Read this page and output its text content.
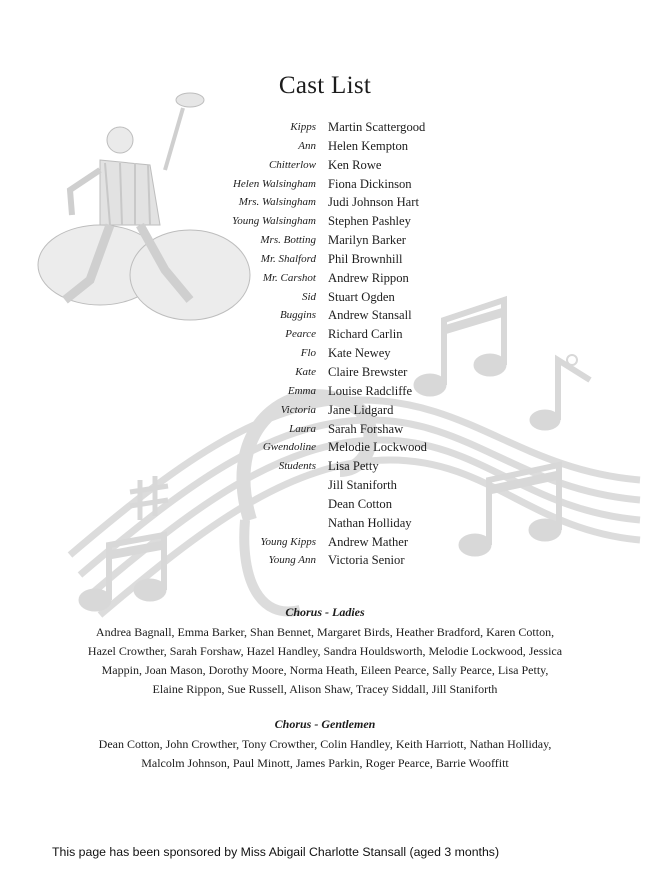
Cast List
Kipps Martin Scattergood
Ann Helen Kempton
Chitterlow Ken Rowe
Helen Walsingham Fiona Dickinson
Mrs. Walsingham Judi Johnson Hart
Young Walsingham Stephen Pashley
Mrs. Botting Marilyn Barker
Mr. Shalford Phil Brownhill
Mr. Carshot Andrew Rippon
Sid Stuart Ogden
Buggins Andrew Stansall
Pearce Richard Carlin
Flo Kate Newey
Kate Claire Brewster
Emma Louise Radcliffe
Victoria Jane Lidgard
Laura Sarah Forshaw
Gwendoline Melodie Lockwood
Students Lisa Petty
Jill Staniforth
Dean Cotton
Nathan Holliday
Young Kipps Andrew Mather
Young Ann Victoria Senior
Chorus - Ladies
Andrea Bagnall, Emma Barker, Shan Bennet, Margaret Birds, Heather Bradford, Karen Cotton,
Hazel Crowther, Sarah Forshaw, Hazel Handley, Sandra Houldsworth, Melodie Lockwood, Jessica
Mappin, Joan Mason, Dorothy Moore, Norma Heath, Eileen Pearce, Sally Pearce, Lisa Petty,
Elaine Rippon, Sue Russell, Alison Shaw, Tracey Siddall, Jill Staniforth
Chorus - Gentlemen
Dean Cotton, John Crowther, Tony Crowther, Colin Handley, Keith Harriott, Nathan Holliday,
Malcolm Johnson, Paul Minott, James Parkin, Roger Pearce, Barrie Wooffitt
This page has been sponsored by Miss Abigail Charlotte Stansall (aged 3 months)
